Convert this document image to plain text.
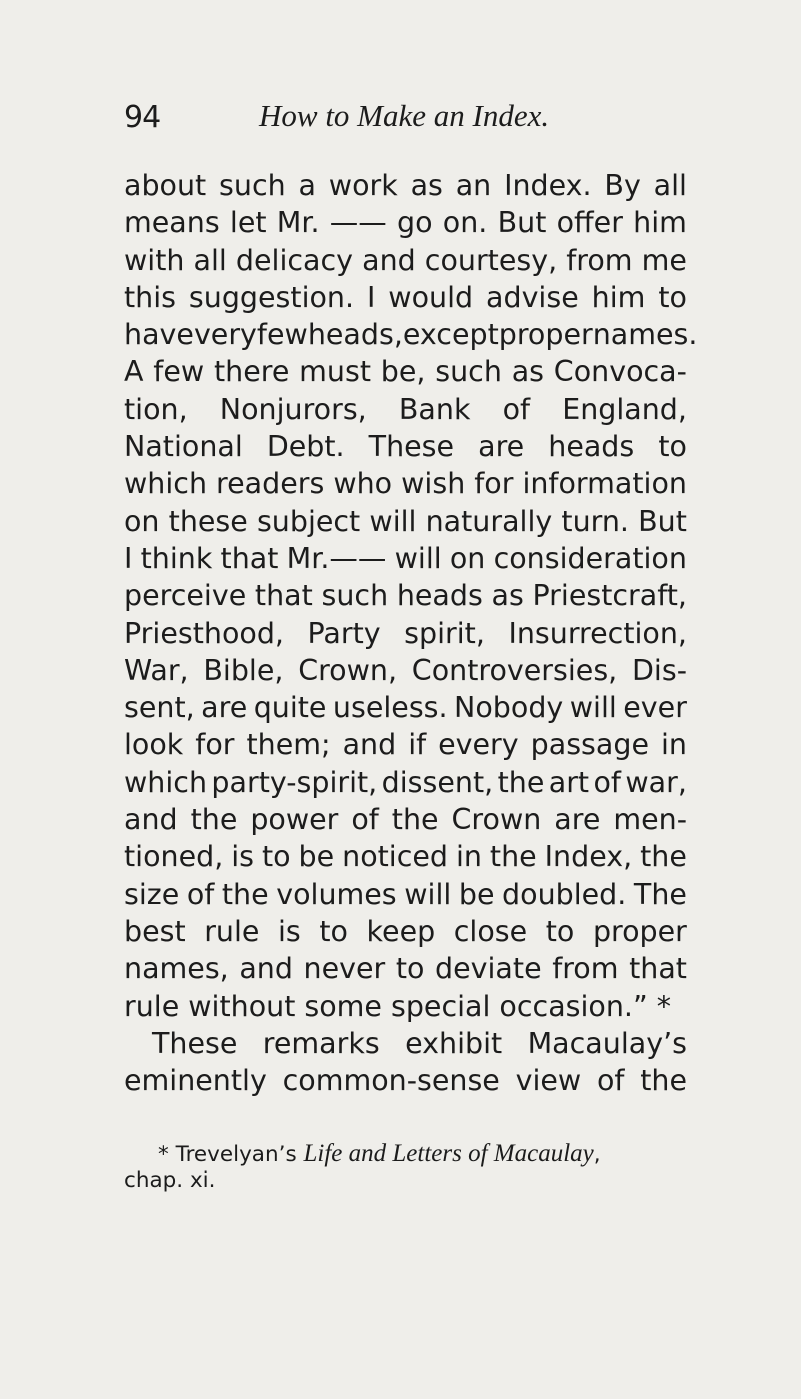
94	How to Make an Index.
about such a work as an Index. By all
means let Mr. —— go on. But offer him
with all delicacy and courtesy, from me
this suggestion. I would advise him to
have very few heads, except proper names.
A few there must be, such as Convoca-
tion, Nonjurors, Bank of England,
National Debt. These are heads to
which readers who wish for information
on these subject will naturally turn. But
I think that Mr.—— will on consideration
perceive that such heads as Priestcraft,
Priesthood, Party spirit, Insurrection,
War, Bible, Crown, Controversies, Dis-
sent, are quite useless. Nobody will ever
look for them; and if every passage in
which party-spirit, dissent, the art of war,
and the power of the Crown are men-
tioned, is to be noticed in the Index, the
size of the volumes will be doubled. The
best rule is to keep close to proper
names, and never to deviate from that
rule without some special occasion.” *
These remarks exhibit Macaulay’s
eminently common-sense view of the
* Trevelyan’s Life and Letters of Macaulay,
chap. xi.
